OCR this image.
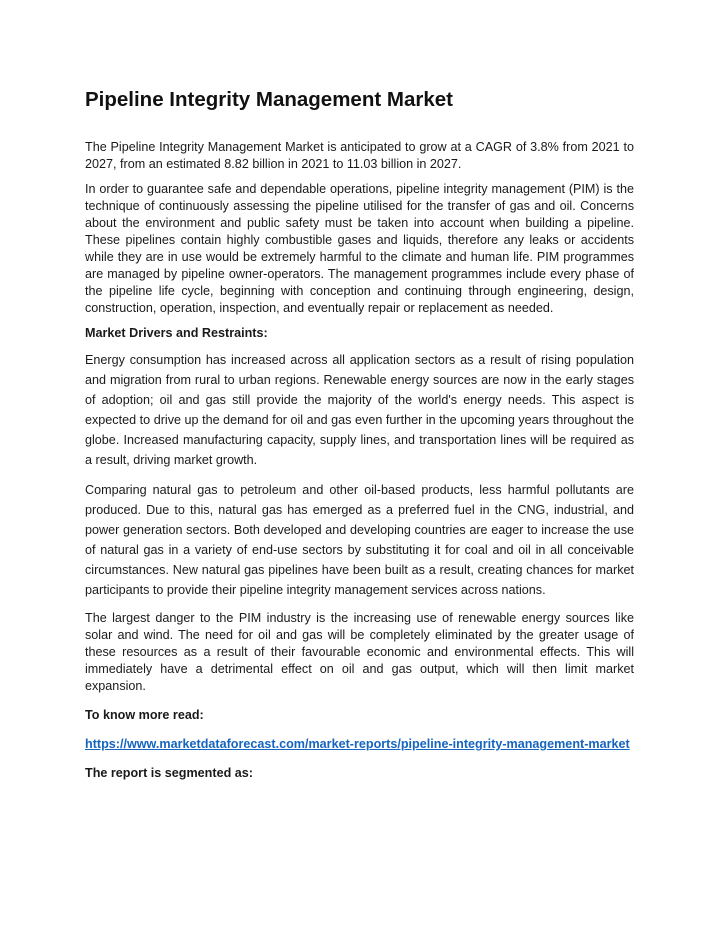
Pipeline Integrity Management Market

The Pipeline Integrity Management Market is anticipated to grow at a CAGR of 3.8% from 2021 to 2027, from an estimated 8.82 billion in 2021 to 11.03 billion in 2027.

In order to guarantee safe and dependable operations, pipeline integrity management (PIM) is the technique of continuously assessing the pipeline utilised for the transfer of gas and oil. Concerns about the environment and public safety must be taken into account when building a pipeline. These pipelines contain highly combustible gases and liquids, therefore any leaks or accidents while they are in use would be extremely harmful to the climate and human life. PIM programmes are managed by pipeline owner-operators. The management programmes include every phase of the pipeline life cycle, beginning with conception and continuing through engineering, design, construction, operation, inspection, and eventually repair or replacement as needed.

Market Drivers and Restraints:

Energy consumption has increased across all application sectors as a result of rising population and migration from rural to urban regions. Renewable energy sources are now in the early stages of adoption; oil and gas still provide the majority of the world's energy needs. This aspect is expected to drive up the demand for oil and gas even further in the upcoming years throughout the globe. Increased manufacturing capacity, supply lines, and transportation lines will be required as a result, driving market growth.

Comparing natural gas to petroleum and other oil-based products, less harmful pollutants are produced. Due to this, natural gas has emerged as a preferred fuel in the CNG, industrial, and power generation sectors. Both developed and developing countries are eager to increase the use of natural gas in a variety of end-use sectors by substituting it for coal and oil in all conceivable circumstances. New natural gas pipelines have been built as a result, creating chances for market participants to provide their pipeline integrity management services across nations.

The largest danger to the PIM industry is the increasing use of renewable energy sources like solar and wind. The need for oil and gas will be completely eliminated by the greater usage of these resources as a result of their favourable economic and environmental effects. This will immediately have a detrimental effect on oil and gas output, which will then limit market expansion.

To know more read:

https://www.marketdataforecast.com/market-reports/pipeline-integrity-management-market

The report is segmented as:
